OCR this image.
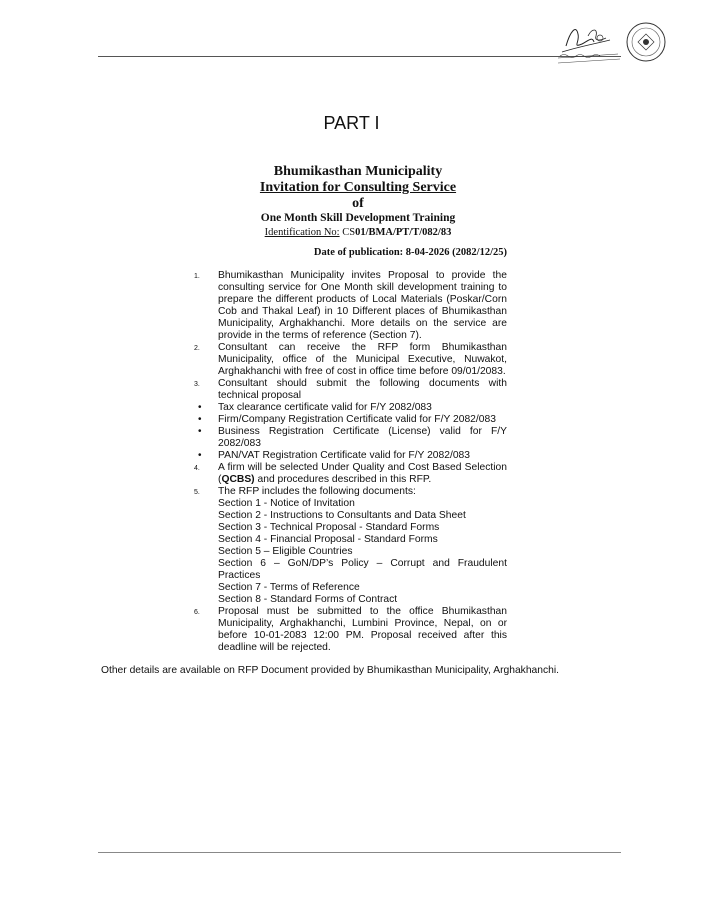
PART I
Bhumikasthan Municipality
Invitation for Consulting Service
of
One Month Skill Development Training
Identification No: CS01/BMA/PT/T/082/83
Date of publication: 8-04-2026 (2082/12/25)
1.	Bhumikasthan Municipality invites Proposal to provide the consulting service for One Month skill development training to prepare the different products of Local Materials (Poskar/Corn Cob and Thakal Leaf) in 10 Different places of Bhumikasthan Municipality, Arghakhanchi. More details on the service are provide in the terms of reference (Section 7).
2.	Consultant can receive the RFP form Bhumikasthan Municipality, office of the Municipal Executive, Nuwakot, Arghakhanchi with free of cost in office time before 09/01/2083.
3.	Consultant should submit the following documents with technical proposal
•	Tax clearance certificate valid for F/Y 2082/083
•	Firm/Company Registration Certificate valid for F/Y 2082/083
•	Business Registration Certificate (License) valid for F/Y 2082/083
•	PAN/VAT Registration Certificate valid for F/Y 2082/083
4.	A firm will be selected Under Quality and Cost Based Selection (QCBS) and procedures described in this RFP.
5.	The RFP includes the following documents:
Section 1 - Notice of Invitation
Section 2 - Instructions to Consultants and Data Sheet
Section 3 - Technical Proposal - Standard Forms
Section 4 - Financial Proposal - Standard Forms
Section 5 – Eligible Countries
Section 6 – GoN/DP’s Policy – Corrupt and Fraudulent Practices
Section 7 - Terms of Reference
Section 8 - Standard Forms of Contract
6.	Proposal must be submitted to the office Bhumikasthan Municipality, Arghakhanchi, Lumbini Province, Nepal, on or before 10-01-2083 12:00 PM. Proposal received after this deadline will be rejected.
Other details are available on RFP Document provided by Bhumikasthan Municipality, Arghakhanchi.
